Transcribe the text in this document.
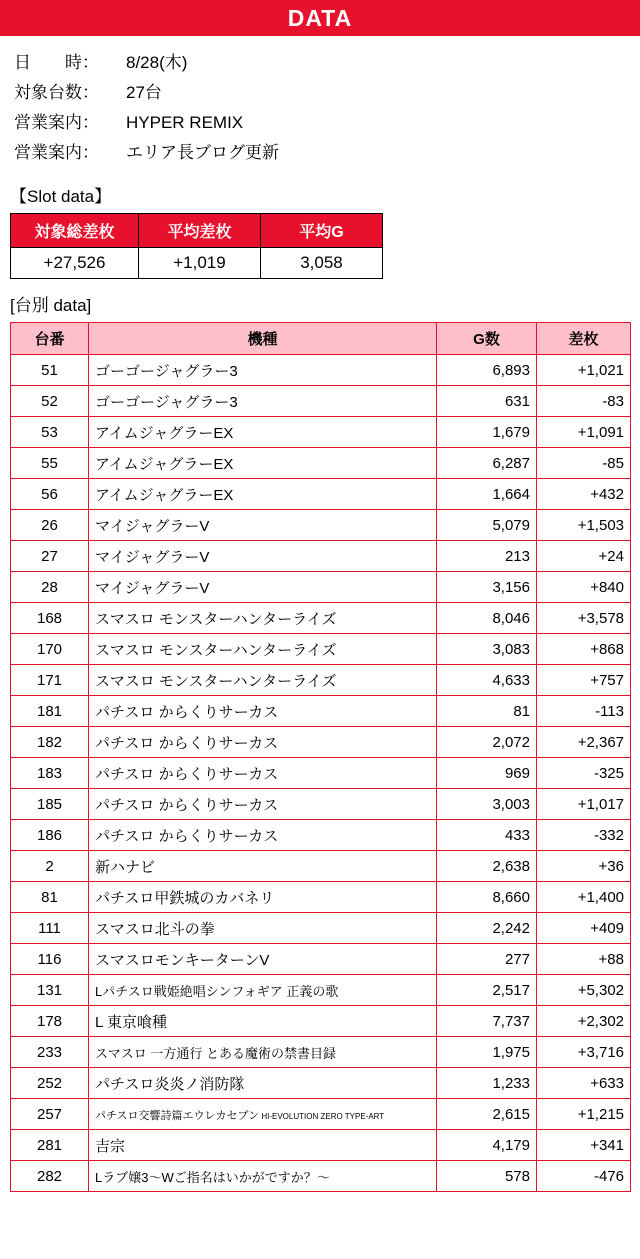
DATA
日　　時：	8/28(木)
対象台数：	27台
営業案内：	HYPER REMIX
営業案内：	エリア長ブログ更新
【Slot data】
対象総差枚	平均差枚	平均G
+27,526	+1,019	3,058
[台別 data]
台番	機種	G数	差枚
51	ゴーゴージャグラー3	6,893	+1,021
52	ゴーゴージャグラー3	631	-83
53	アイムジャグラーEX	1,679	+1,091
55	アイムジャグラーEX	6,287	-85
56	アイムジャグラーEX	1,664	+432
26	マイジャグラーV	5,079	+1,503
27	マイジャグラーV	213	+24
28	マイジャグラーV	3,156	+840
168	スマスロ モンスターハンターライズ	8,046	+3,578
170	スマスロ モンスターハンターライズ	3,083	+868
171	スマスロ モンスターハンターライズ	4,633	+757
181	パチスロ からくりサーカス	81	-113
182	パチスロ からくりサーカス	2,072	+2,367
183	パチスロ からくりサーカス	969	-325
185	パチスロ からくりサーカス	3,003	+1,017
186	パチスロ からくりサーカス	433	-332
2	新ハナビ	2,638	+36
81	パチスロ甲鉄城のカバネリ	8,660	+1,400
111	スマスロ北斗の拳	2,242	+409
116	スマスロモンキーターンV	277	+88
131	Lパチスロ戦姫絶唱シンフォギア 正義の歌	2,517	+5,302
178	L 東京喰種	7,737	+2,302
233	スマスロ 一方通行 とある魔術の禁書目録	1,975	+3,716
252	パチスロ炎炎ノ消防隊	1,233	+633
257	パチスロ交響詩篇エウレカセブン HI-EVOLUTION ZERO TYPE-ART	2,615	+1,215
281	吉宗	4,179	+341
282	Lラブ嬢3〜Wご指名はいかがですか？〜	578	-476
